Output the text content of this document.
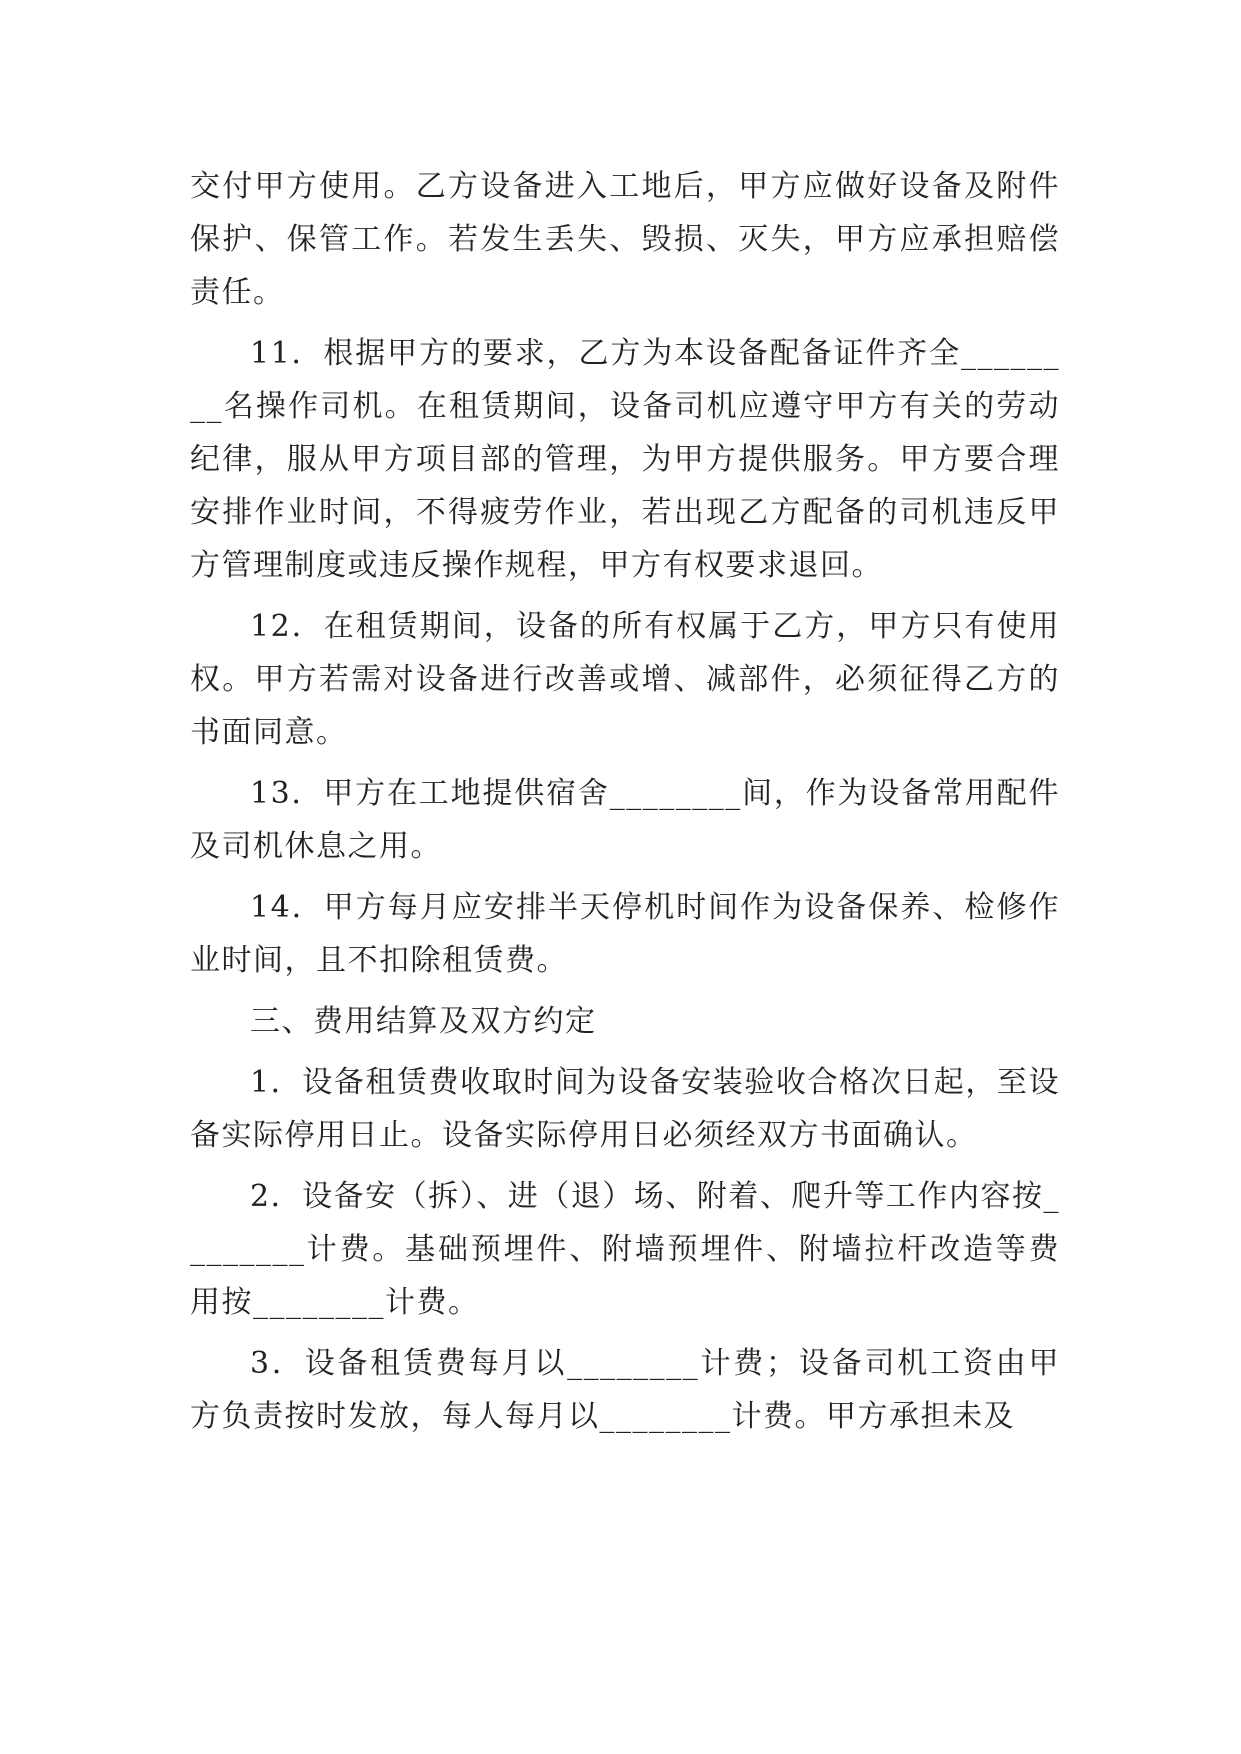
交付甲方使用。乙方设备进入工地后，甲方应做好设备及附件保护、保管工作。若发生丢失、毁损、灭失，甲方应承担赔偿责任。

11．根据甲方的要求，乙方为本设备配备证件齐全________名操作司机。在租赁期间，设备司机应遵守甲方有关的劳动纪律，服从甲方项目部的管理，为甲方提供服务。甲方要合理安排作业时间，不得疲劳作业，若出现乙方配备的司机违反甲方管理制度或违反操作规程，甲方有权要求退回。

12．在租赁期间，设备的所有权属于乙方，甲方只有使用权。甲方若需对设备进行改善或增、减部件，必须征得乙方的书面同意。

13．甲方在工地提供宿舍________间，作为设备常用配件及司机休息之用。

14．甲方每月应安排半天停机时间作为设备保养、检修作业时间，且不扣除租赁费。

三、费用结算及双方约定

1．设备租赁费收取时间为设备安装验收合格次日起，至设备实际停用日止。设备实际停用日必须经双方书面确认。

2．设备安（拆）、进（退）场、附着、爬升等工作内容按________计费。基础预埋件、附墙预埋件、附墙拉杆改造等费用按________计费。

3．设备租赁费每月以________计费；设备司机工资由甲方负责按时发放，每人每月以________计费。甲方承担未及
